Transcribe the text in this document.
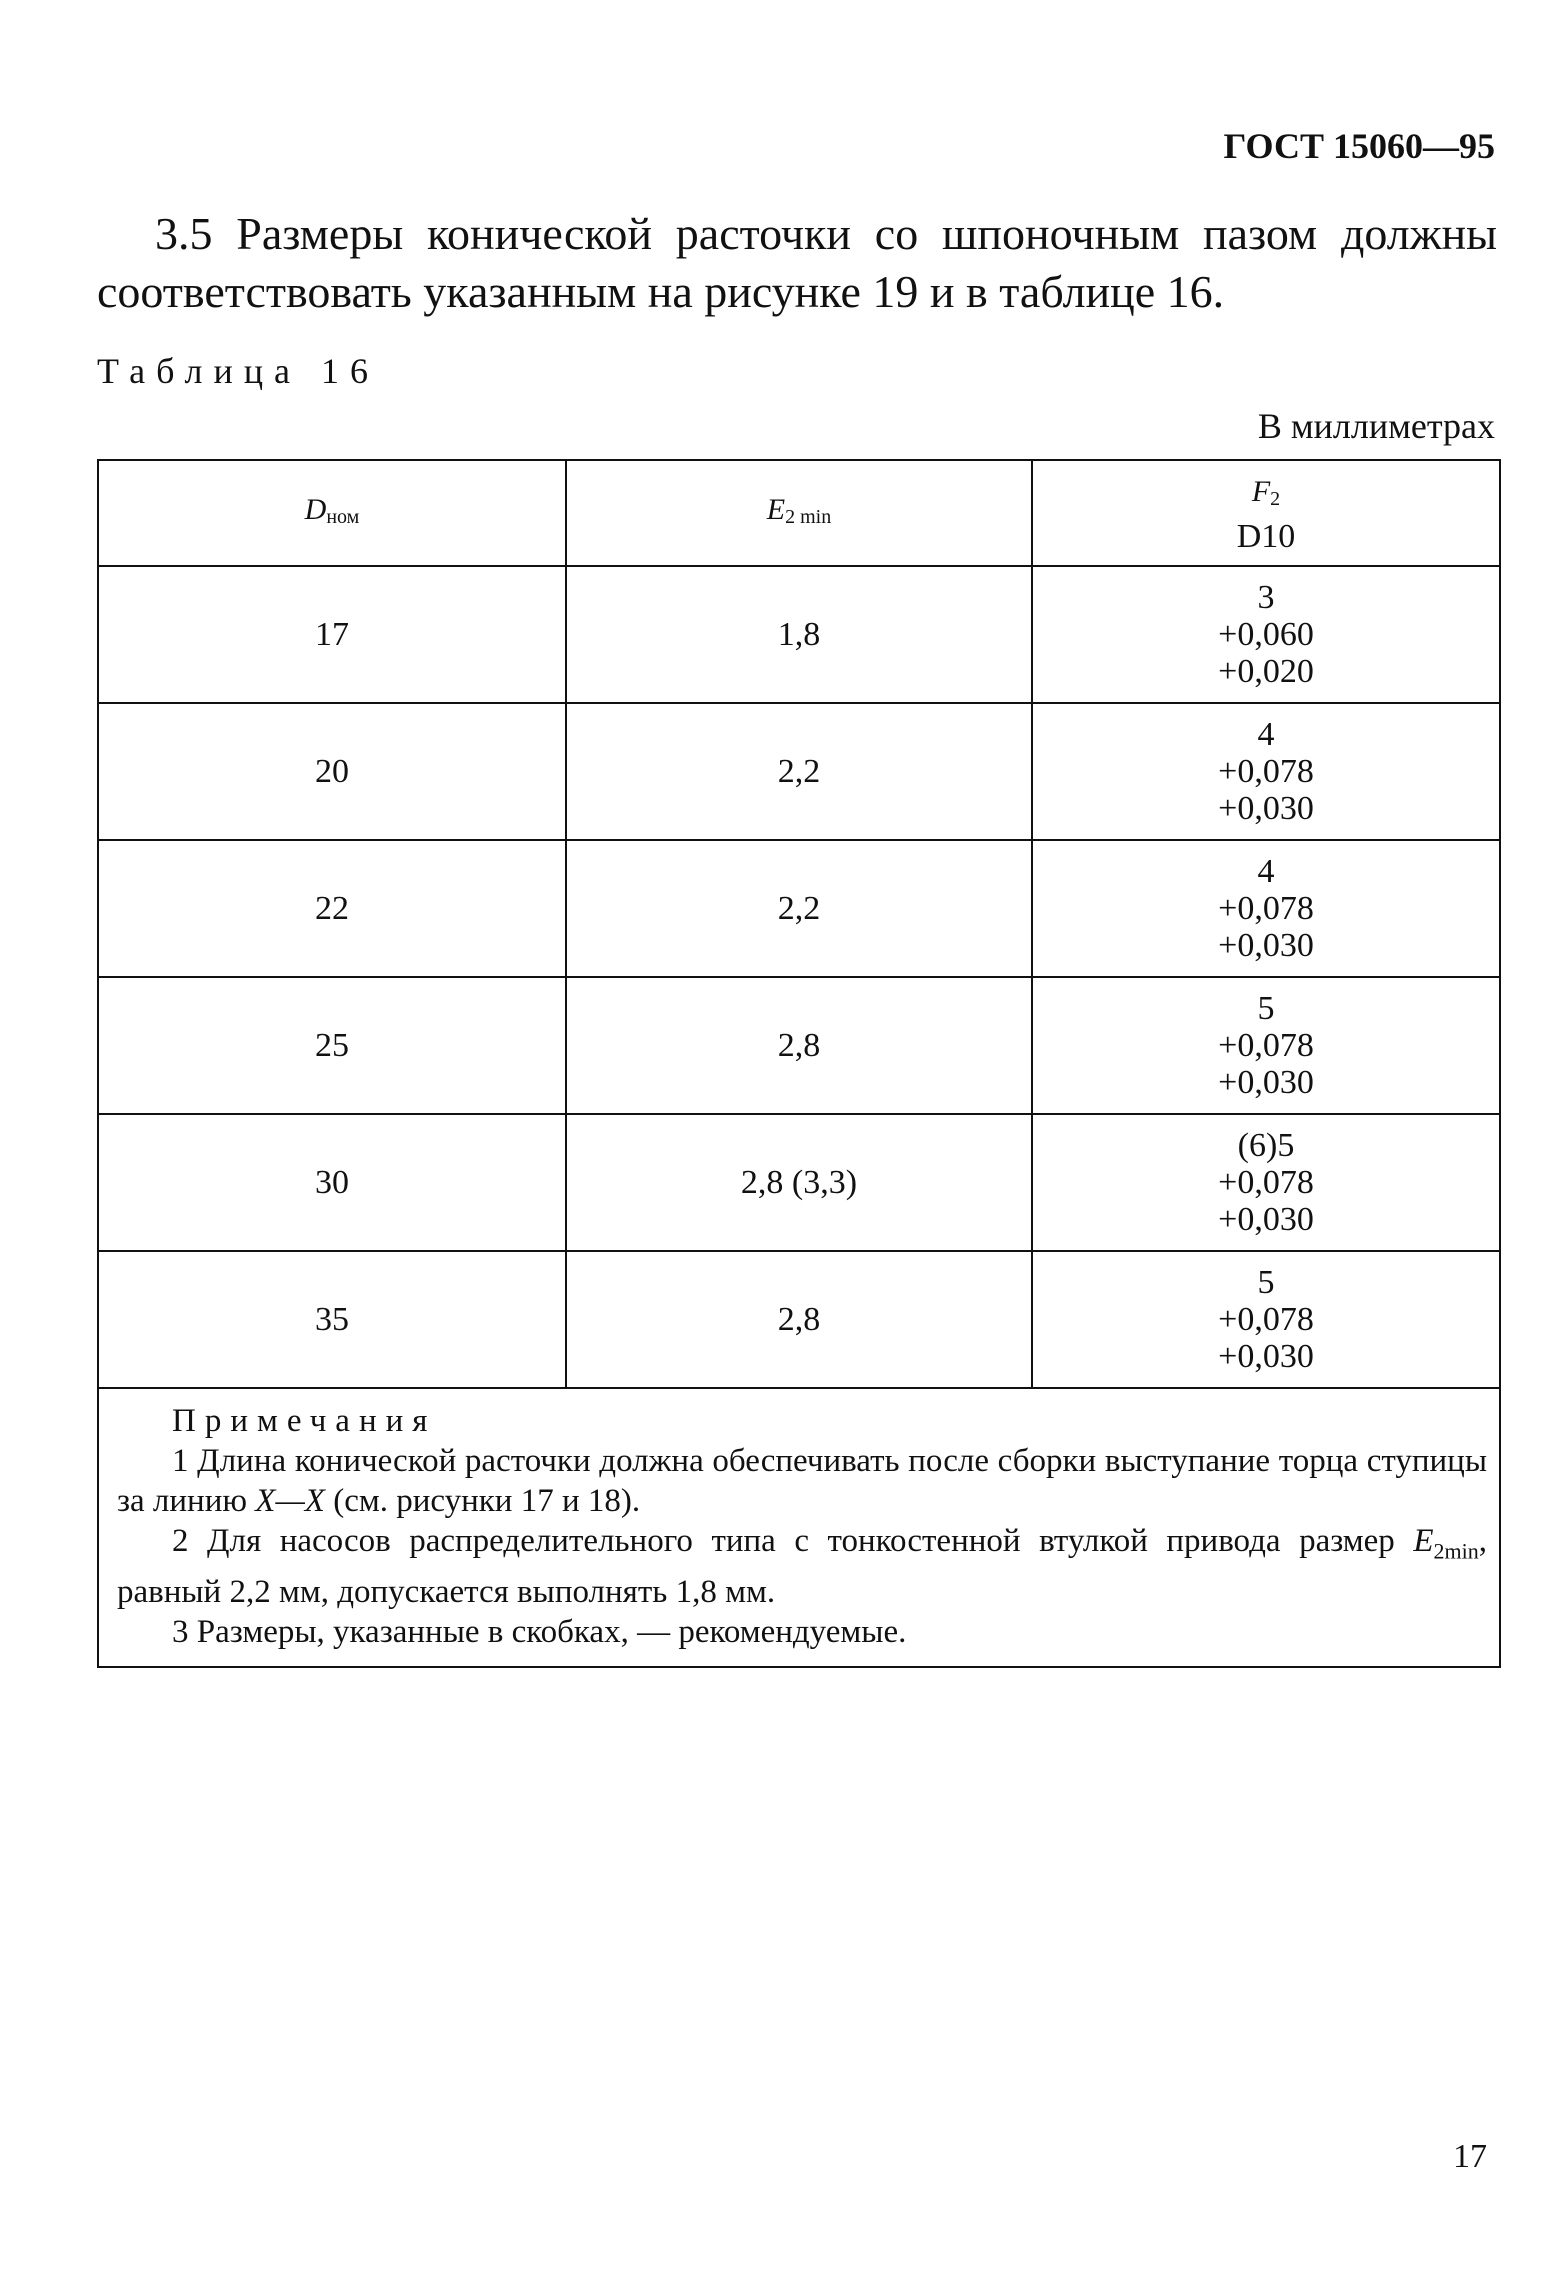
ГОСТ 15060—95
3.5 Размеры конической расточки со шпоночным пазом должны
соответствовать указанным на рисунке 19 и в таблице 16.
Таблица 16
В миллиметрах
$D_{ном}$	$E_{2 min}$	$F_2$
D10

17	1,8	3
+0,060
+0,020

20	2,2	4
+0,078
+0,030

22	2,2	4
+0,078
+0,030

25	2,8	5
+0,078
+0,030

30	2,8 (3,3)	(6)5
+0,078
+0,030

35	2,8	5
+0,078
+0,030

Примечания
1 Длина конической расточки должна обеспечивать после сборки выступание торца ступицы за линию X—X (см. рисунки 17 и 18).
2 Для насосов распределительного типа с тонкостенной втулкой привода размер $E_{2min}$, равный 2,2 мм, допускается выполнять 1,8 мм.
3 Размеры, указанные в скобках, — рекомендуемые.		
17
